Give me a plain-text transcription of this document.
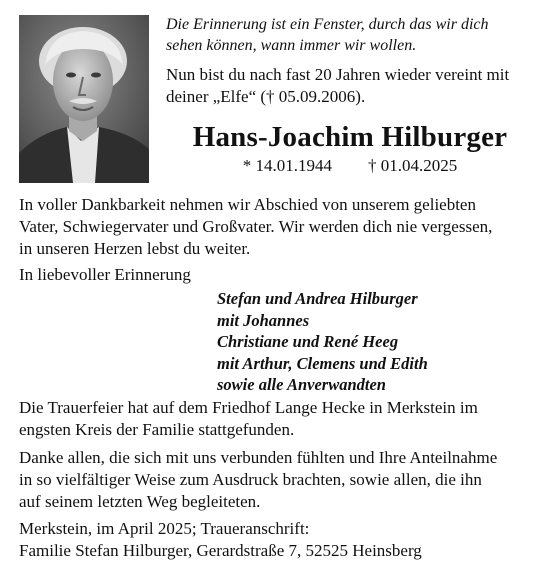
Die Erinnerung ist ein Fenster, durch das wir dich
sehen können, wann immer wir wollen.
Nun bist du nach fast 20 Jahren wieder vereint mit
deiner „Elfe“ († 05.09.2006).
Hans-Joachim Hilburger
* 14.01.1944 † 01.04.2025
In voller Dankbarkeit nehmen wir Abschied von unserem geliebten
Vater, Schwiegervater und Großvater. Wir werden dich nie vergessen,
in unseren Herzen lebst du weiter.
In liebevoller Erinnerung
Stefan und Andrea Hilburger
mit Johannes
Christiane und René Heeg
mit Arthur, Clemens und Edith
sowie alle Anverwandten
Die Trauerfeier hat auf dem Friedhof Lange Hecke in Merkstein im
engsten Kreis der Familie stattgefunden.
Danke allen, die sich mit uns verbunden fühlten und Ihre Anteilnahme
in so vielfältiger Weise zum Ausdruck brachten, sowie allen, die ihn
auf seinem letzten Weg begleiteten.
Merkstein, im April 2025; Traueranschrift:
Familie Stefan Hilburger, Gerardstraße 7, 52525 Heinsberg
